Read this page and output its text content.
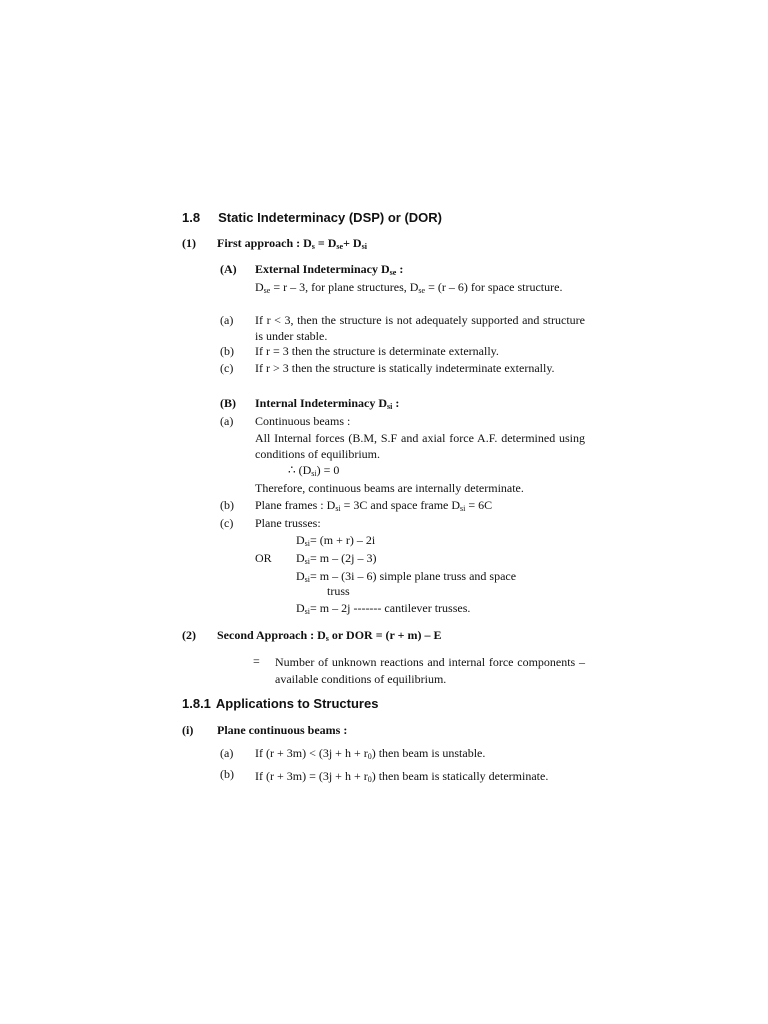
1.8 Static Indeterminacy (DSP) or (DOR)
(1) First approach : $D_s = D_{se}+ D_{si}$
(A) External Indeterminacy $D_{se}$ :
$D_{se} = r - 3$, for plane structures, $D_{se} = (r - 6)$ for space structure.
(a) If r < 3, then the structure is not adequately supported and structure is under stable.
(b) If r = 3 then the structure is determinate externally.
(c) If r > 3 then the structure is statically indeterminate externally.
(B) Internal Indeterminacy $D_{si}$ :
(a) Continuous beams :
All Internal forces (B.M, S.F and axial force A.F. determined using conditions of equilibrium.
∴ $(D_{si}) = 0$
Therefore, continuous beams are internally determinate.
(b) Plane frames : $D_{si} = 3C$ and space frame $D_{si} = 6C$
(c) Plane trusses:
$D_{si}= (m + r) - 2i$
OR $D_{si}= m - (2j - 3)$
$D_{si}= m - (3i - 6)$ simple plane truss and space
truss
$D_{si}= m - 2j$ ------- cantilever trusses.
(2) Second Approach : $D_s$ or DOR = (r + m) – E
= Number of unknown reactions and internal force components – available conditions of equilibrium.
1.8.1 Applications to Structures
(i) Plane continuous beams :
(a) If $(r + 3m) < (3j + h + r_0)$ then beam is unstable.
(b) If $(r + 3m) = (3j + h + r_0)$ then beam is statically determinate.
